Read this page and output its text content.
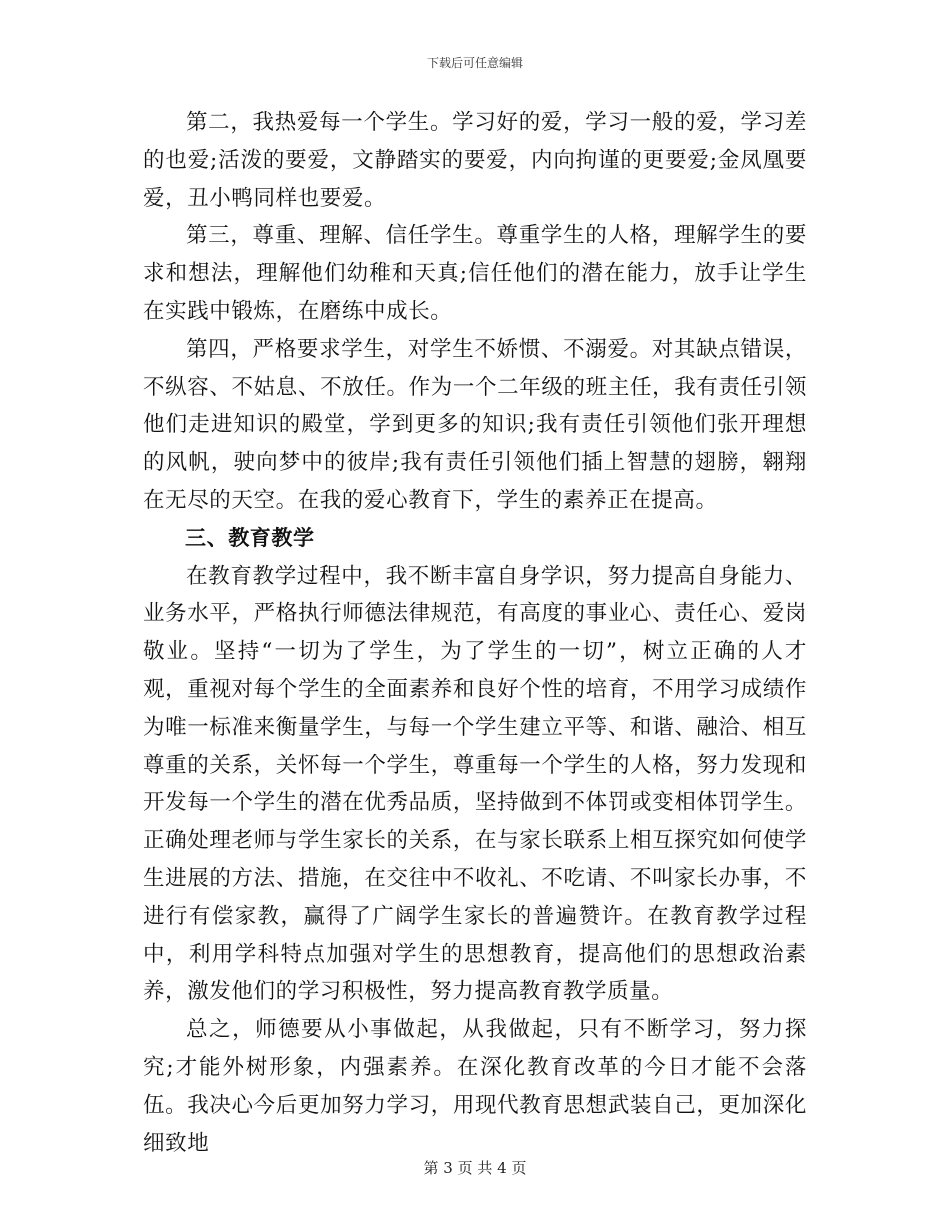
下载后可任意编辑

第二，我热爱每一个学生。学习好的爱，学习一般的爱，学习差的也爱;活泼的要爱，文静踏实的要爱，内向拘谨的更要爱;金凤凰要爱，丑小鸭同样也要爱。

第三，尊重、理解、信任学生。尊重学生的人格，理解学生的要求和想法，理解他们幼稚和天真;信任他们的潜在能力，放手让学生在实践中锻炼，在磨练中成长。

第四，严格要求学生，对学生不娇惯、不溺爱。对其缺点错误，不纵容、不姑息、不放任。作为一个二年级的班主任，我有责任引领他们走进知识的殿堂，学到更多的知识;我有责任引领他们张开理想的风帆，驶向梦中的彼岸;我有责任引领他们插上智慧的翅膀，翱翔在无尽的天空。在我的爱心教育下，学生的素养正在提高。

三、教育教学

在教育教学过程中，我不断丰富自身学识，努力提高自身能力、业务水平，严格执行师德法律规范，有高度的事业心、责任心、爱岗敬业。坚持“一切为了学生，为了学生的一切”，树立正确的人才观，重视对每个学生的全面素养和良好个性的培育，不用学习成绩作为唯一标准来衡量学生，与每一个学生建立平等、和谐、融洽、相互尊重的关系，关怀每一个学生，尊重每一个学生的人格，努力发现和开发每一个学生的潜在优秀品质，坚持做到不体罚或变相体罚学生。正确处理老师与学生家长的关系，在与家长联系上相互探究如何使学生进展的方法、措施，在交往中不收礼、不吃请、不叫家长办事，不进行有偿家教，赢得了广阔学生家长的普遍赞许。在教育教学过程中，利用学科特点加强对学生的思想教育，提高他们的思想政治素养，激发他们的学习积极性，努力提高教育教学质量。

总之，师德要从小事做起，从我做起，只有不断学习，努力探究;才能外树形象，内强素养。在深化教育改革的今日才能不会落伍。我决心今后更加努力学习，用现代教育思想武装自己，更加深化细致地

第 3 页 共 4 页
